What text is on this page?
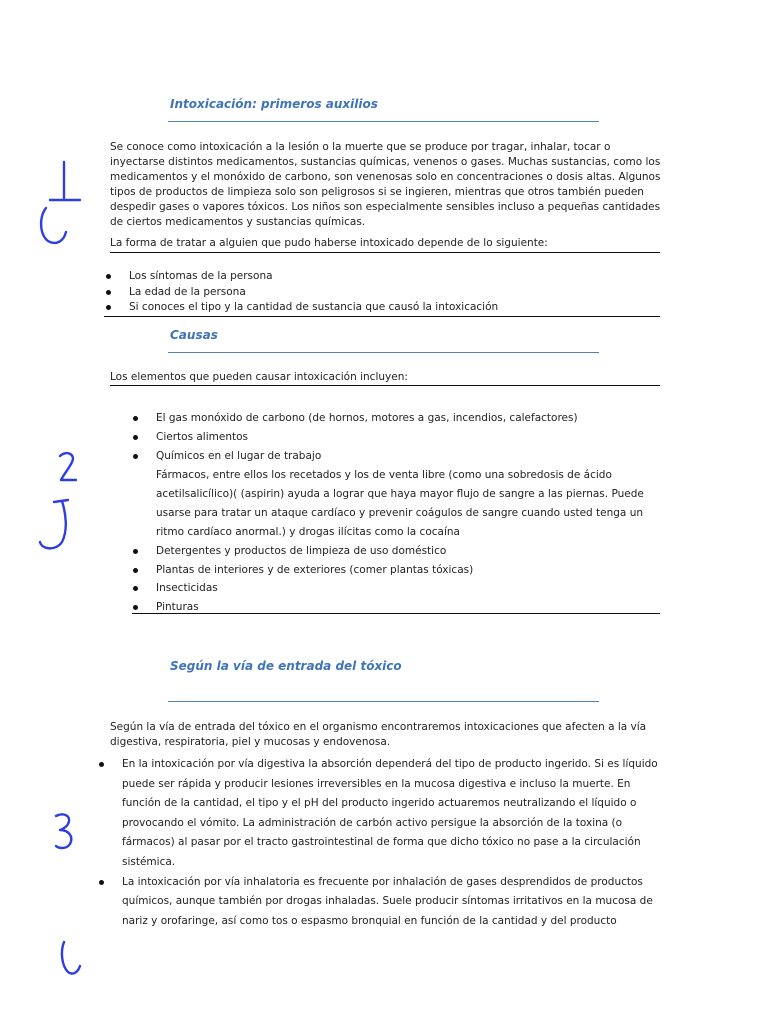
Intoxicación: primeros auxilios

Se conoce como intoxicación a la lesión o la muerte que se produce por tragar, inhalar, tocar o inyectarse distintos medicamentos, sustancias químicas, venenos o gases. Muchas sustancias, como los medicamentos y el monóxido de carbono, son venenosas solo en concentraciones o dosis altas. Algunos tipos de productos de limpieza solo son peligrosos si se ingieren, mientras que otros también pueden despedir gases o vapores tóxicos. Los niños son especialmente sensibles incluso a pequeñas cantidades de ciertos medicamentos y sustancias químicas.

La forma de tratar a alguien que pudo haberse intoxicado depende de lo siguiente:
Los síntomas de la persona
La edad de la persona
Si conoces el tipo y la cantidad de sustancia que causó la intoxicación
Causas
Los elementos que pueden causar intoxicación incluyen:
El gas monóxido de carbono (de hornos, motores a gas, incendios, calefactores)
Ciertos alimentos
Químicos en el lugar de trabajo
Fármacos, entre ellos los recetados y los de venta libre (como una sobredosis de ácido acetilsalicílico)( (aspirin) ayuda a lograr que haya mayor flujo de sangre a las piernas. Puede usarse para tratar un ataque cardíaco y prevenir coágulos de sangre cuando usted tenga un ritmo cardíaco anormal.) y drogas ilícitas como la cocaína
Detergentes y productos de limpieza de uso doméstico
Plantas de interiores y de exteriores (comer plantas tóxicas)
Insecticidas
Pinturas
Según la vía de entrada del tóxico

Según la vía de entrada del tóxico en el organismo encontraremos intoxicaciones que afecten a la vía digestiva, respiratoria, piel y mucosas y endovenosa.

En la intoxicación por vía digestiva la absorción dependerá del tipo de producto ingerido. Si es líquido puede ser rápida y producir lesiones irreversibles en la mucosa digestiva e incluso la muerte. En función de la cantidad, el tipo y el pH del producto ingerido actuaremos neutralizando el líquido o provocando el vómito. La administración de carbón activo persigue la absorción de la toxina (o fármacos) al pasar por el tracto gastrointestinal de forma que dicho tóxico no pase a la circulación sistémica.
La intoxicación por vía inhalatoria es frecuente por inhalación de gases desprendidos de productos químicos, aunque también por drogas inhaladas. Suele producir síntomas irritativos en la mucosa de nariz y orofaringe, así como tos o espasmo bronquial en función de la cantidad y del producto
